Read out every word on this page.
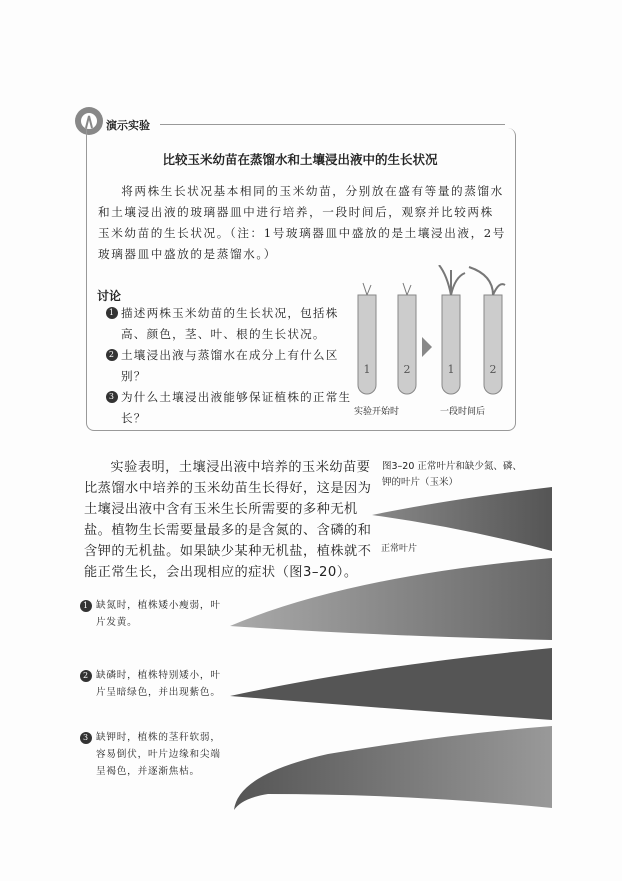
演示实验
比较玉米幼苗在蒸馏水和土壤浸出液中的生长状况
将两株生长状况基本相同的玉米幼苗，分别放在盛有等量的蒸馏水和土壤浸出液的玻璃器皿中进行培养，一段时间后，观察并比较两株玉米幼苗的生长状况。（注：1号玻璃器皿中盛放的是土壤浸出液，2号玻璃器皿中盛放的是蒸馏水。）
讨论
1 描述两株玉米幼苗的生长状况，包括株高、颜色，茎、叶、根的生长状况。
2 土壤浸出液与蒸馏水在成分上有什么区别？
3 为什么土壤浸出液能够保证植株的正常生长？
1	2	1	2
实验开始时	一段时间后
实验表明，土壤浸出液中培养的玉米幼苗要比蒸馏水中培养的玉米幼苗生长得好，这是因为土壤浸出液中含有玉米生长所需要的多种无机盐。植物生长需要量最多的是含氮的、含磷的和含钾的无机盐。如果缺少某种无机盐，植株就不能正常生长，会出现相应的症状（图3–20）。
图3–20 正常叶片和缺少氮、磷、钾的叶片（玉米）
正常叶片
1 缺氮时，植株矮小瘦弱，叶片发黄。
2 缺磷时，植株特别矮小，叶片呈暗绿色，并出现紫色。
3 缺钾时，植株的茎秆软弱，容易倒伏，叶片边缘和尖端呈褐色，并逐渐焦枯。
